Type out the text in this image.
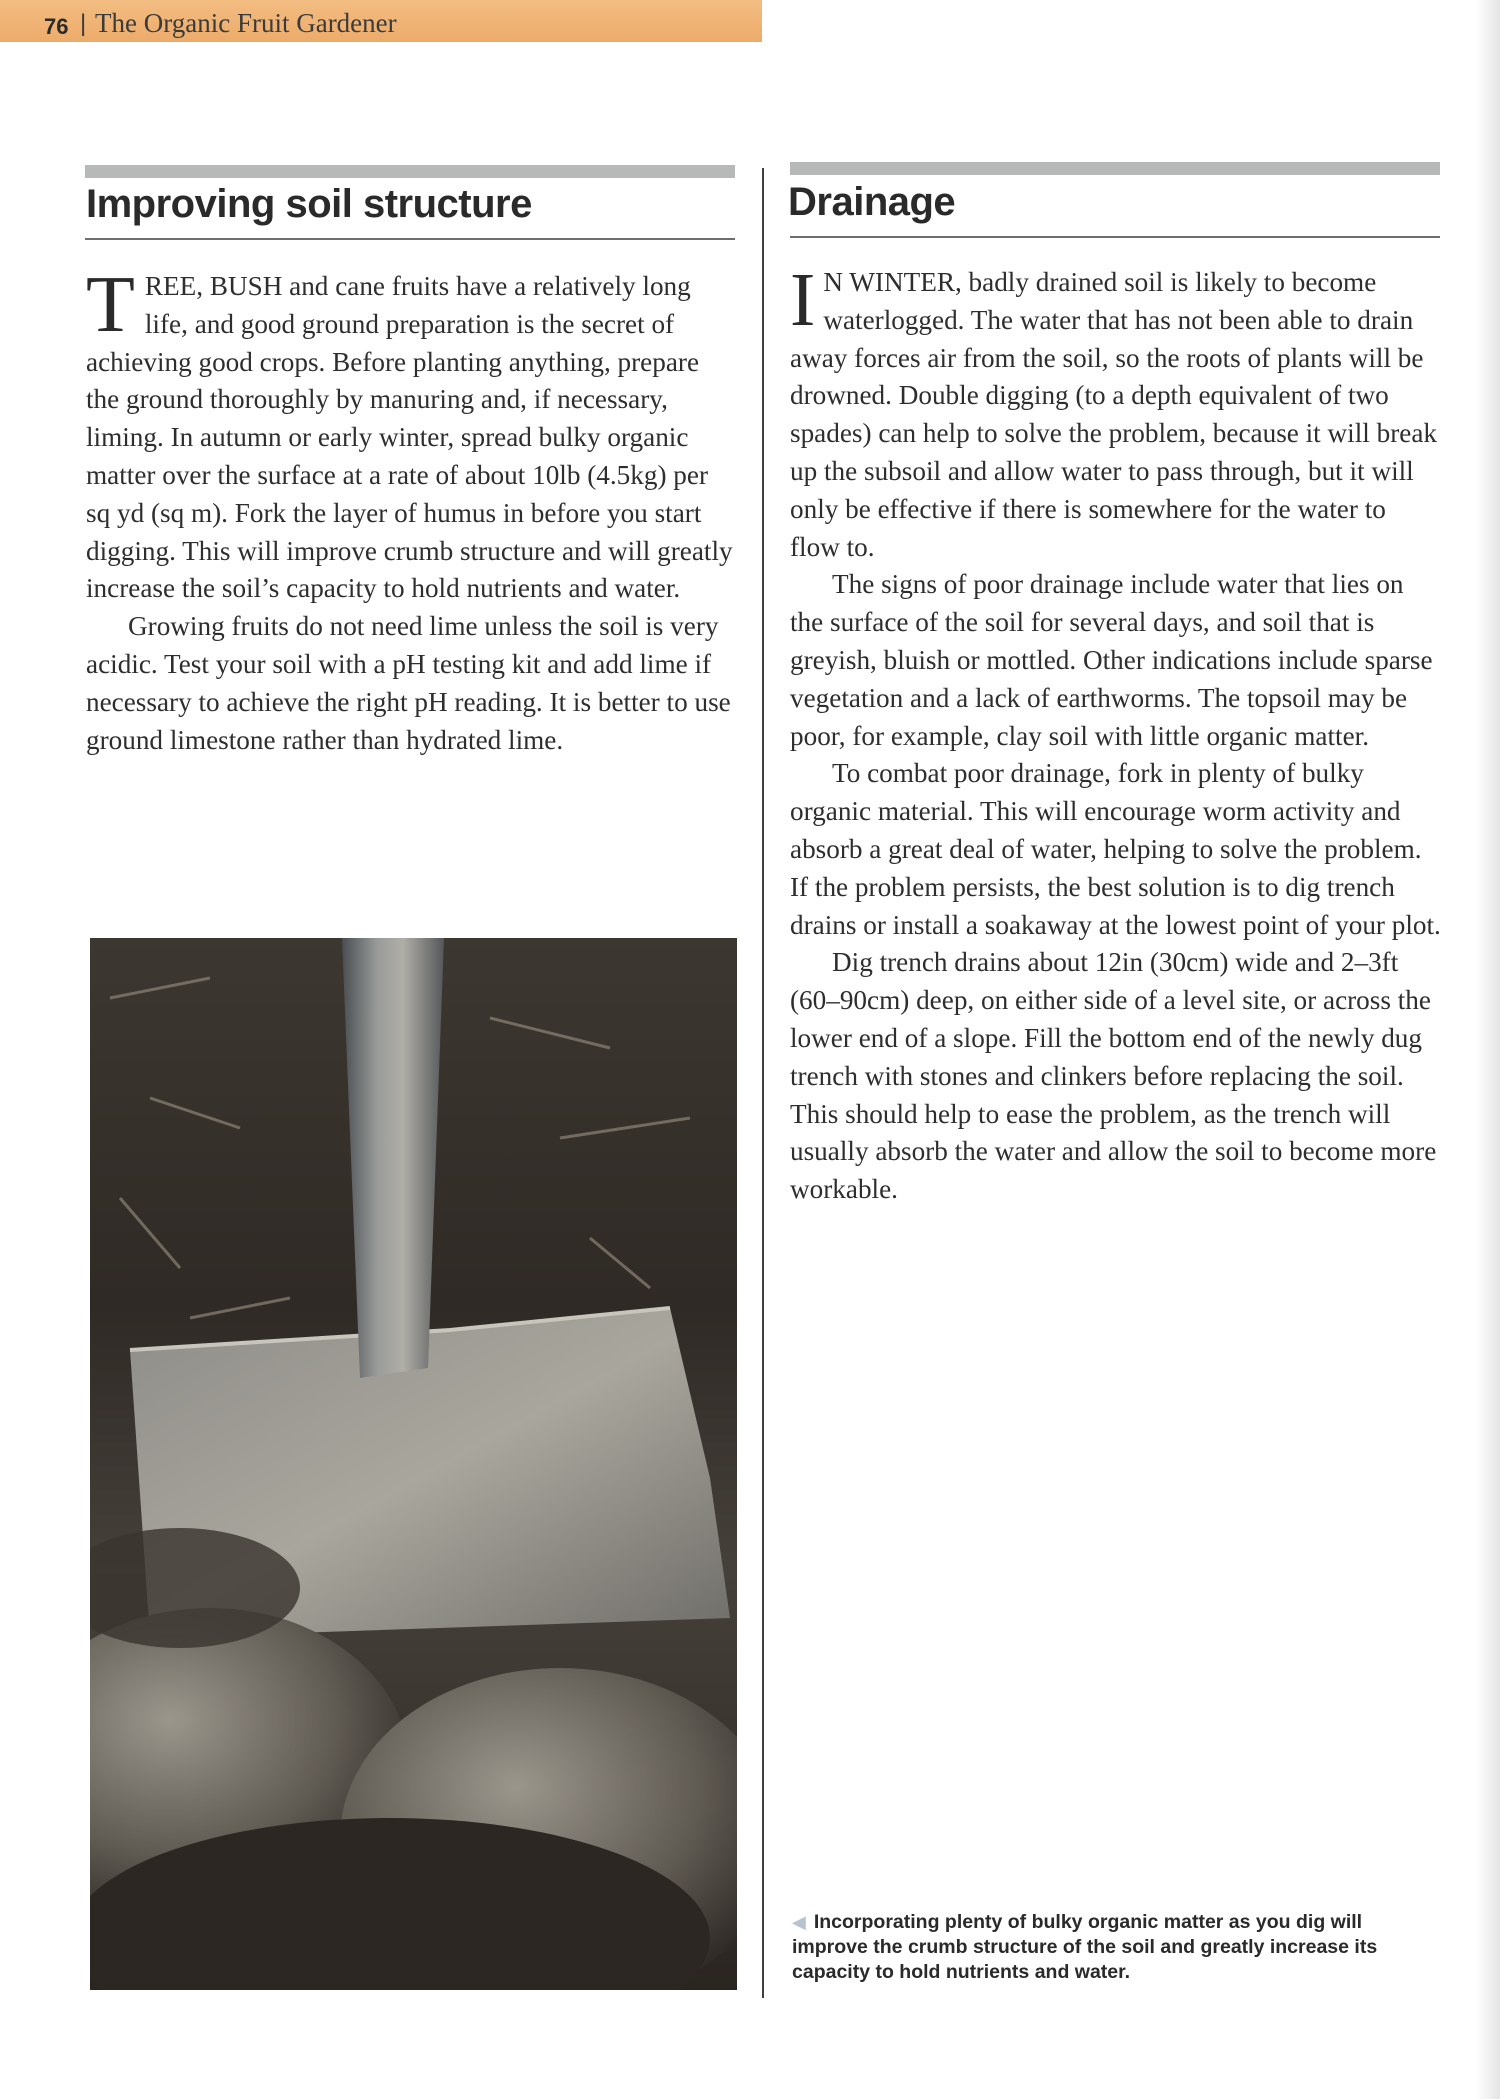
76 | The Organic Fruit Gardener
Improving soil structure

TREE, BUSH and cane fruits have a relatively long life, and good ground preparation is the secret of achieving good crops. Before planting anything, prepare the ground thoroughly by manuring and, if necessary, liming. In autumn or early winter, spread bulky organic matter over the surface at a rate of about 10lb (4.5kg) per sq yd (sq m). Fork the layer of humus in before you start digging. This will improve crumb structure and will greatly increase the soil’s capacity to hold nutrients and water.

Growing fruits do not need lime unless the soil is very acidic. Test your soil with a pH testing kit and add lime if necessary to achieve the right pH reading. It is better to use ground limestone rather than hydrated lime.

Drainage

I N WINTER, badly drained soil is likely to become waterlogged. The water that has not been able to drain away forces air from the soil, so the roots of plants will be drowned. Double digging (to a depth equivalent of two spades) can help to solve the problem, because it will break up the subsoil and allow water to pass through, but it will only be effective if there is somewhere for the water to flow to.

The signs of poor drainage include water that lies on the surface of the soil for several days, and soil that is greyish, bluish or mottled. Other indications include sparse vegetation and a lack of earthworms. The topsoil may be poor, for example, clay soil with little organic matter.

To combat poor drainage, fork in plenty of bulky organic material. This will encourage worm activity and absorb a great deal of water, helping to solve the problem. If the problem persists, the best solution is to dig trench drains or install a soakaway at the lowest point of your plot.

Dig trench drains about 12in (30cm) wide and 2–3ft (60–90cm) deep, on either side of a level site, or across the lower end of a slope. Fill the bottom end of the newly dug trench with stones and clinkers before replacing the soil. This should help to ease the problem, as the trench will usually absorb the water and allow the soil to become more workable.

◀ Incorporating plenty of bulky organic matter as you dig will improve the crumb structure of the soil and greatly increase its capacity to hold nutrients and water.
